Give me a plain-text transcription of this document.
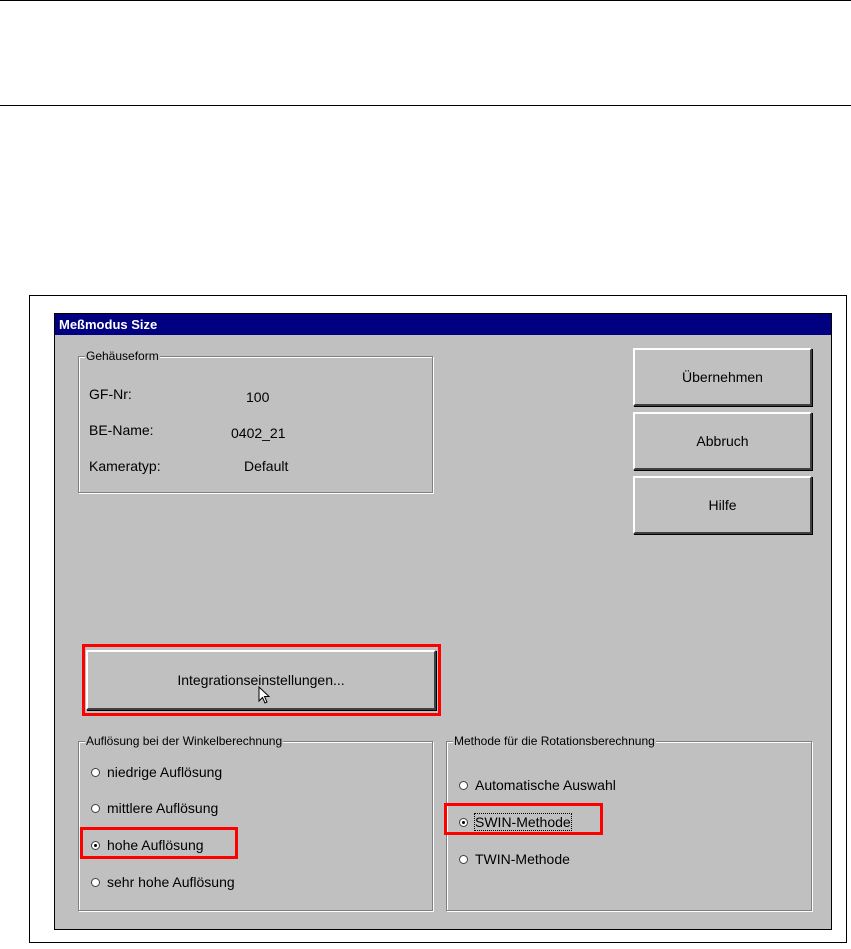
Meßmodus Size
Gehäuseform
GF-Nr:	100
BE-Name:	0402_21
Kameratyp:	Default
Übernehmen
Abbruch
Hilfe
Integrationseinstellungen...
Auflösung bei der Winkelberechnung
niedrige Auflösung
mittlere Auflösung
hohe Auflösung
sehr hohe Auflösung
Methode für die Rotationsberechnung
Automatische Auswahl
SWIN-Methode
TWIN-Methode
